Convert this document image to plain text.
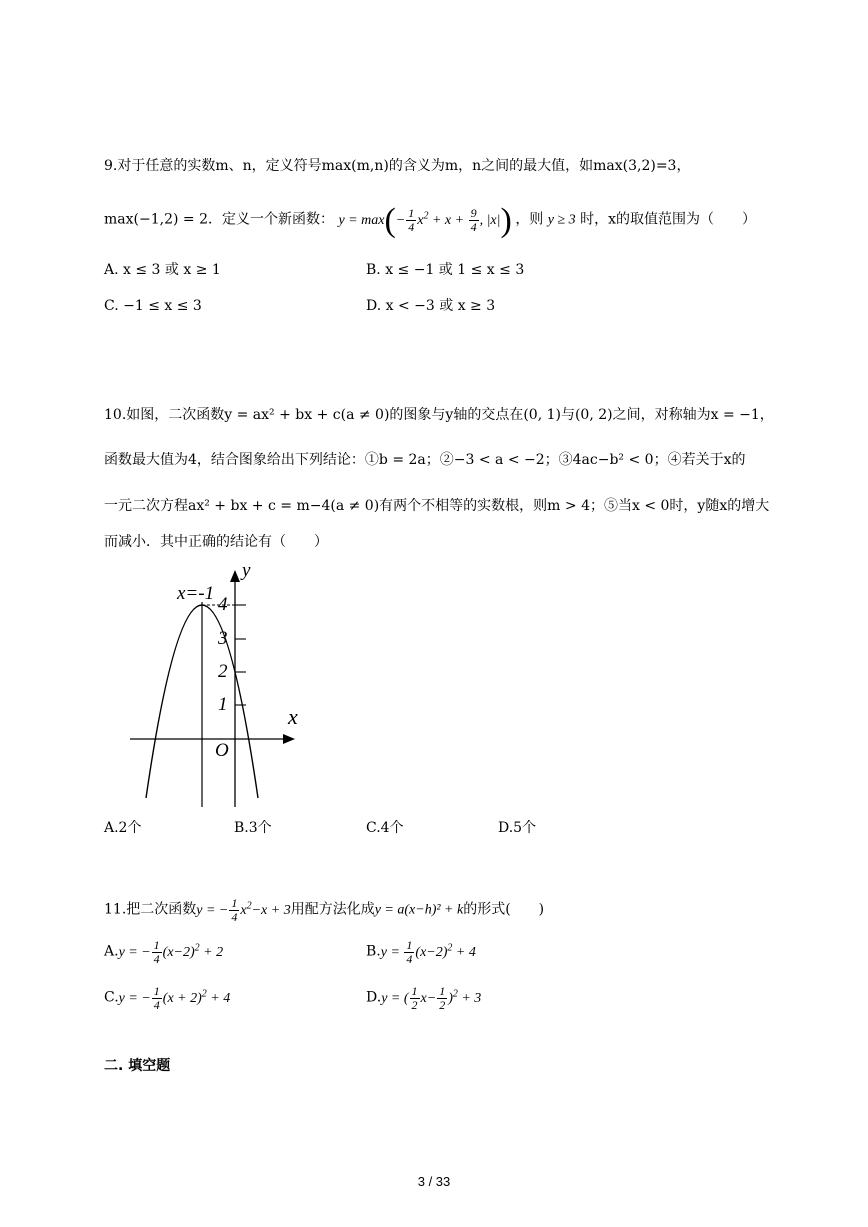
9.对于任意的实数m、n，定义符号max(m,n)的含义为m，n之间的最大值，如max(3,2)=3，
max(−1,2) = 2．定义一个新函数： $y = \max(- \frac{1}{4} x^2 + x + \frac{9}{4}$ , |x|) ，则 y ≥ 3 时，x的取值范围为（　　）
A. x ≤ 3 或 x ≥ 1	B. x ≤ −1 或 1 ≤ x ≤ 3
C. −1 ≤ x ≤ 3	D. x < −3 或 x ≥ 3
10.如图，二次函数y = ax² + bx + c(a ≠ 0)的图象与y轴的交点在(0, 1)与(0, 2)之间，对称轴为x = −1，
函数最大值为4，结合图象给出下列结论：①b = 2a；②−3 < a < −2；③4ac−b² < 0；④若关于x的
一元二次方程ax² + bx + c = m−4(a ≠ 0)有两个不相等的实数根，则m > 4；⑤当x < 0时，y随x的增大
而减小．其中正确的结论有（　　）
x=-1
4
3
2
1
O
x
y
A.2个	B.3个	C.4个	D.5个
11.把二次函数y = − $\frac{1}{4} x^2-x + 3$用配方法化成y = a(x−h)² + k的形式(　　)
A.y = − $\frac{1}{4} (x-2)^2 + 2$	$B.y = \frac{1}{4} (x-2)^2 + 4$
C.y = − $\frac{1}{4} (x + 2)^2 + 4$	D.y = ( $\frac{1}{2} x- \frac{1}{2} )^2 + 3$
二. 填空题
3 / 33
